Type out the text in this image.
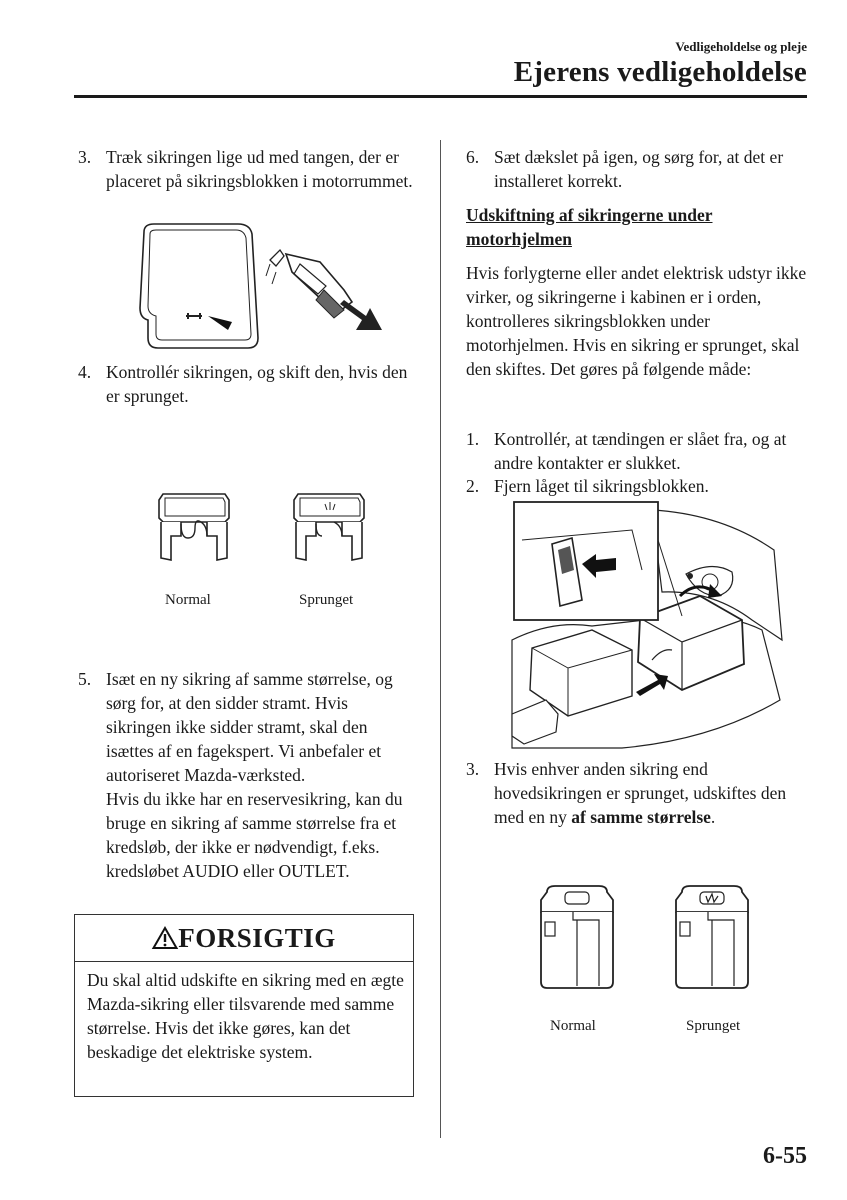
Vedligeholdelse og pleje
Ejerens vedligeholdelse
3. Træk sikringen lige ud med tangen, der er placeret på sikringsblokken i motorrummet.
4. Kontrollér sikringen, og skift den, hvis den er sprunget.
Normal	Sprunget
5. Isæt en ny sikring af samme størrelse, og sørg for, at den sidder stramt. Hvis sikringen ikke sidder stramt, skal den isættes af en fagekspert. Vi anbefaler et autoriseret Mazda-værksted.
Hvis du ikke har en reservesikring, kan du bruge en sikring af samme størrelse fra et kredsløb, der ikke er nødvendigt, f.eks. kredsløbet AUDIO eller OUTLET.
FORSIGTIG
Du skal altid udskifte en sikring med en ægte Mazda-sikring eller tilsvarende med samme størrelse. Hvis det ikke gøres, kan det beskadige det elektriske system.
6. Sæt dækslet på igen, og sørg for, at det er installeret korrekt.
Udskiftning af sikringerne under motorhjelmen
Hvis forlygterne eller andet elektrisk udstyr ikke virker, og sikringerne i kabinen er i orden, kontrolleres sikringsblokken under motorhjelmen. Hvis en sikring er sprunget, skal den skiftes. Det gøres på følgende måde:
1. Kontrollér, at tændingen er slået fra, og at andre kontakter er slukket.
2. Fjern låget til sikringsblokken.
3. Hvis enhver anden sikring end hovedsikringen er sprunget, udskiftes den med en ny af samme størrelse.
Normal	Sprunget
6-55
